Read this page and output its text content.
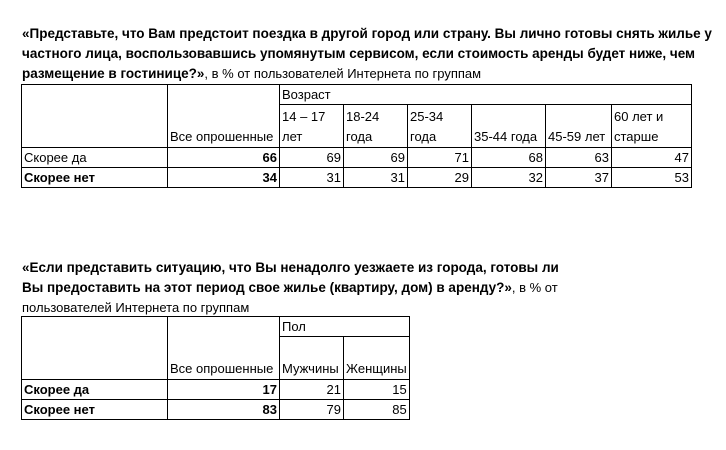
«Представьте, что Вам предстоит поездка в другой город или страну. Вы лично готовы снять жилье у частного лица, воспользовавшись упомянутым сервисом, если стоимость аренды будет ниже, чем размещение в гостинице?», в % от пользователей Интернета по группам

		Возраст					
	Все опрошенные	14 – 17 лет	18-24 года	25-34 года	35-44 года	45-59 лет	60 лет и старше
Скорее да	66	69	69	71	68	63	47
Скорее нет	34	31	31	29	32	37	53

«Если представить ситуацию, что Вы ненадолго уезжаете из города, готовы ли Вы предоставить на этот период свое жилье (квартиру, дом) в аренду?», в % от пользователей Интернета по группам

		Пол	
	Все опрошенные	Мужчины	Женщины
Скорее да	17	21	15
Скорее нет	83	79	85
